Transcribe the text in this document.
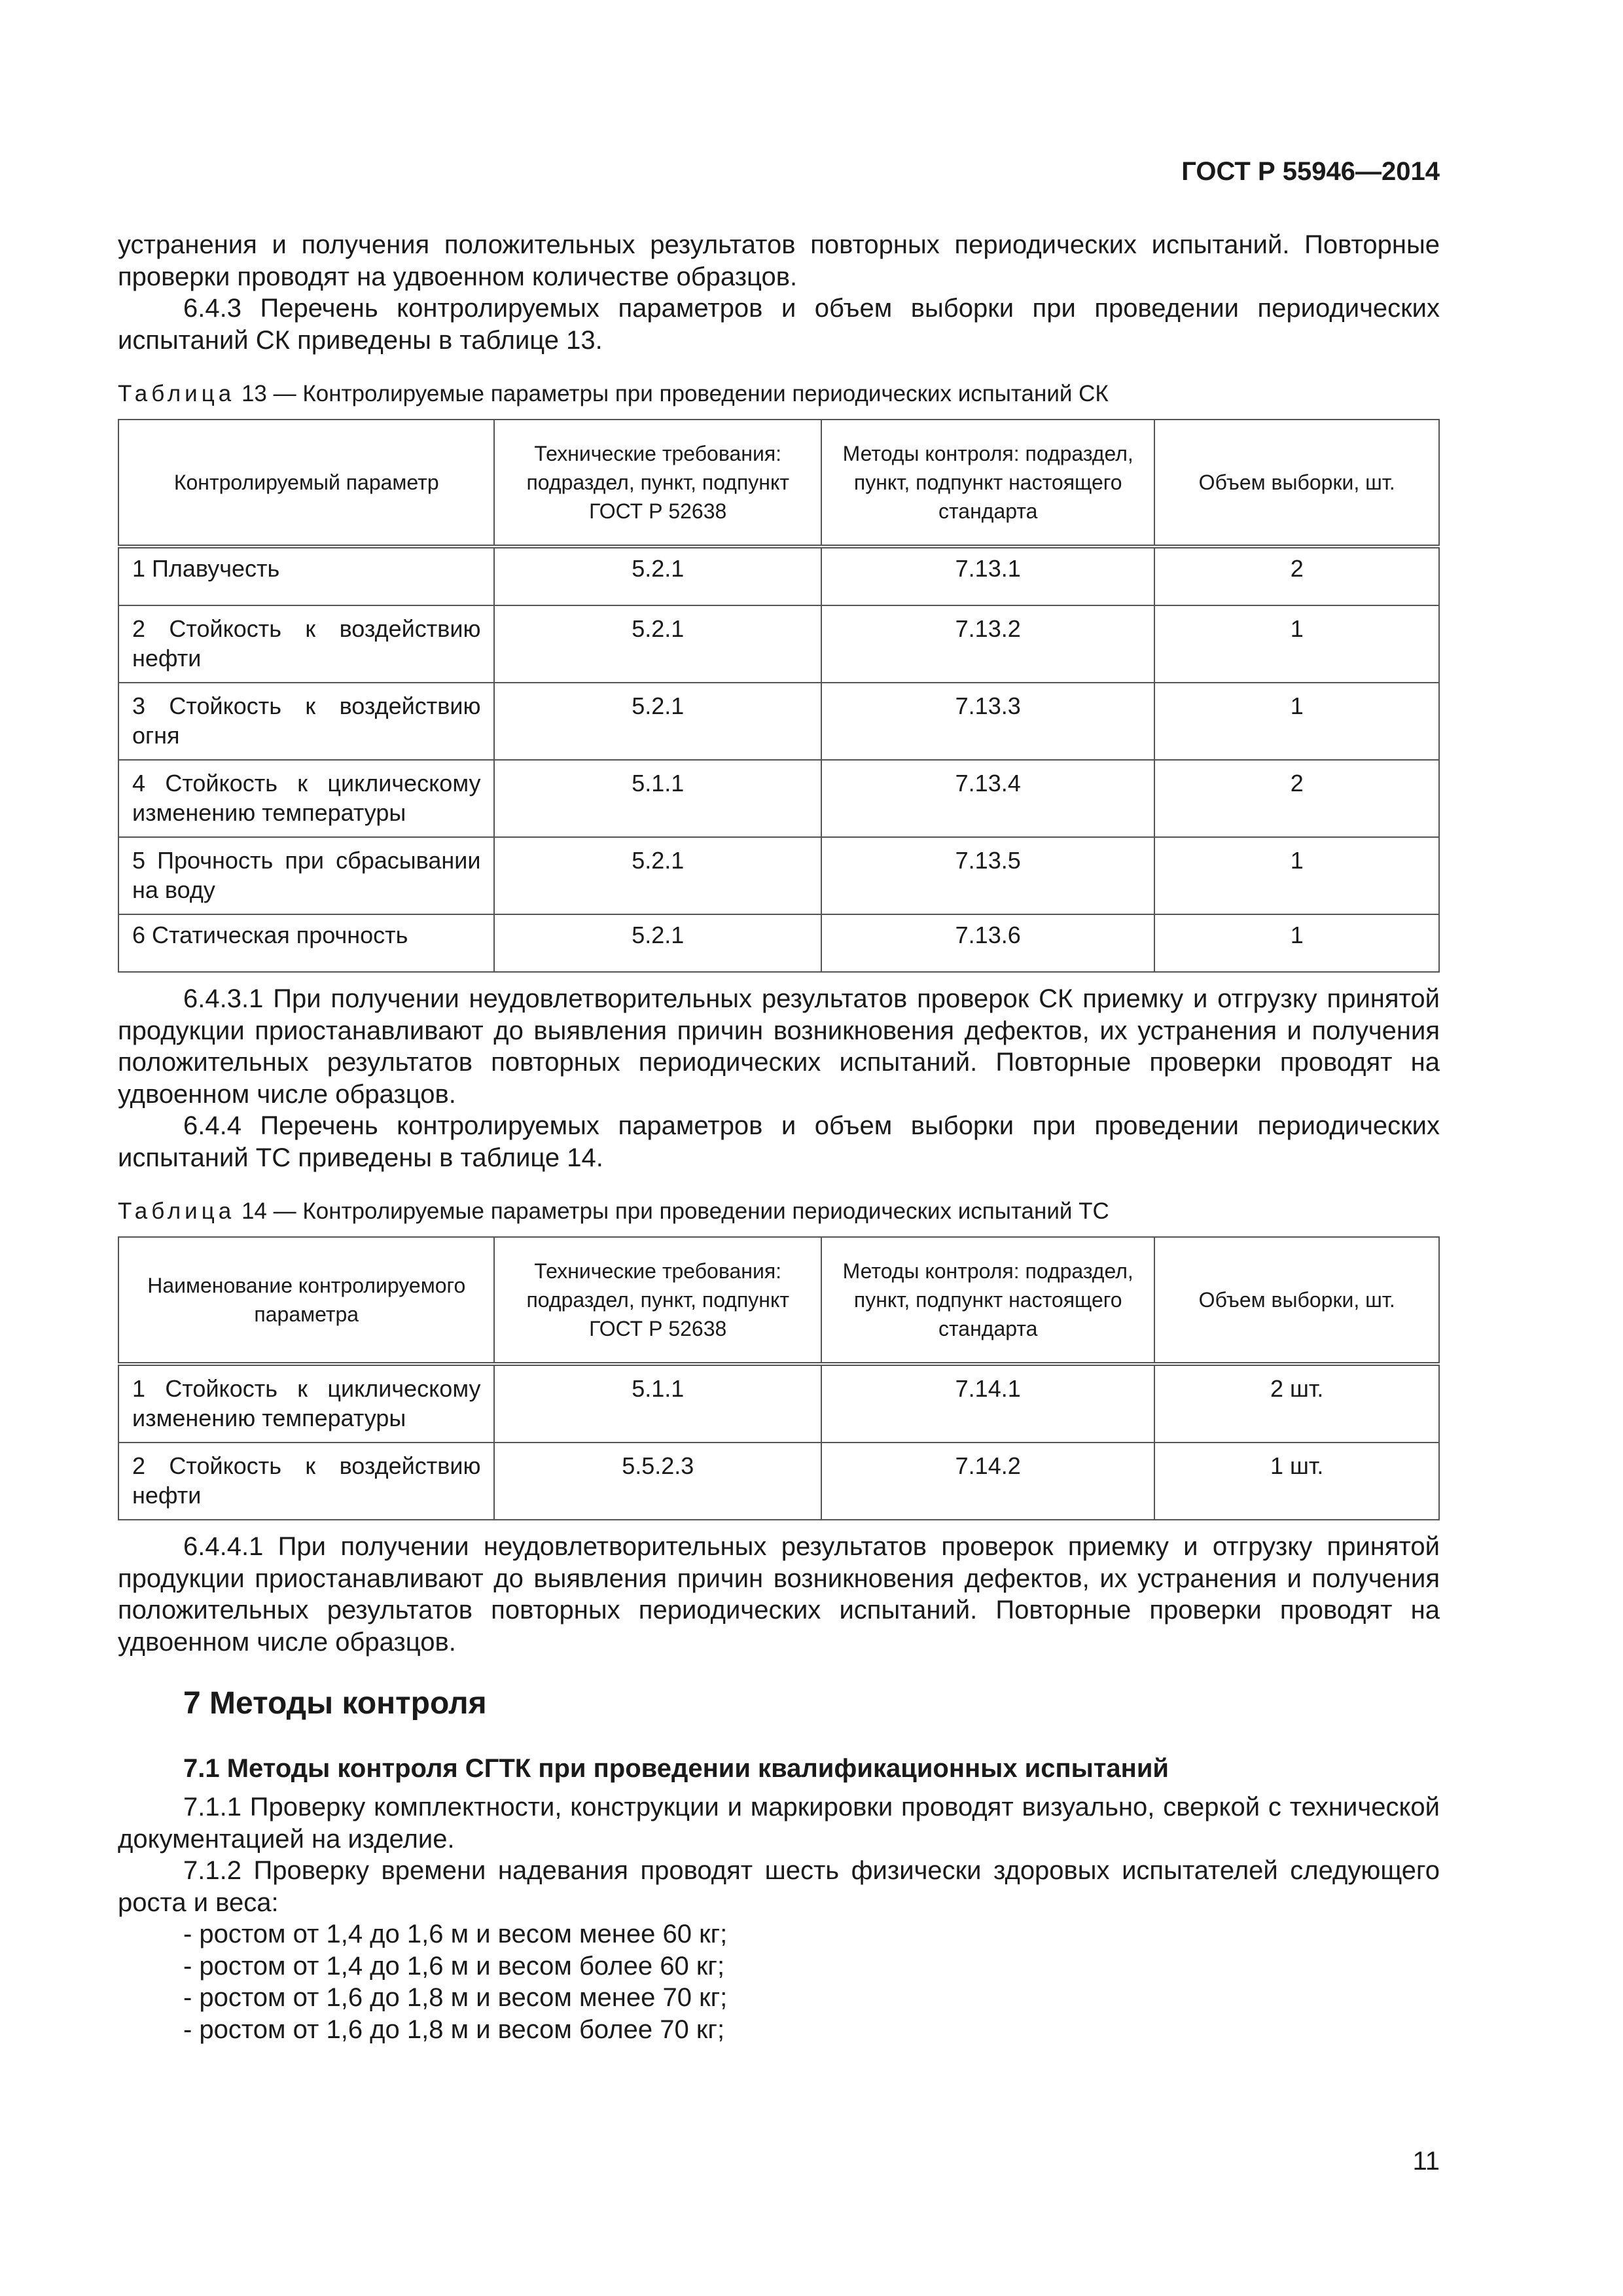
ГОСТ Р 55946—2014

устранения и получения положительных результатов повторных периодических испытаний. Повторные проверки проводят на удвоенном количестве образцов.

6.4.3 Перечень контролируемых параметров и объем выборки при проведении периодических испытаний СК приведены в таблице 13.

Таблица 13 — Контролируемые параметры при проведении периодических испытаний СК

Контролируемый параметр	Технические требования: подраздел, пункт, подпункт ГОСТ Р 52638	Методы контроля: подраздел, пункт, подпункт настоящего стандарта	Объем выборки, шт.
1 Плавучесть	5.2.1	7.13.1	2
2 Стойкость к воздействию нефти	5.2.1	7.13.2	1
3 Стойкость к воздействию огня	5.2.1	7.13.3	1
4 Стойкость к циклическому изменению температуры	5.1.1	7.13.4	2
5 Прочность при сбрасывании на воду	5.2.1	7.13.5	1
6 Статическая прочность	5.2.1	7.13.6	1

6.4.3.1 При получении неудовлетворительных результатов проверок СК приемку и отгрузку принятой продукции приостанавливают до выявления причин возникновения дефектов, их устранения и получения положительных результатов повторных периодических испытаний. Повторные проверки проводят на удвоенном числе образцов.

6.4.4 Перечень контролируемых параметров и объем выборки при проведении периодических испытаний ТС приведены в таблице 14.

Таблица 14 — Контролируемые параметры при проведении периодических испытаний ТС

Наименование контролируемого параметра	Технические требования: подраздел, пункт, подпункт ГОСТ Р 52638	Методы контроля: подраздел, пункт, подпункт настоящего стандарта	Объем выборки, шт.
1 Стойкость к циклическому изменению температуры	5.1.1	7.14.1	2 шт.
2 Стойкость к воздействию нефти	5.5.2.3	7.14.2	1 шт.

6.4.4.1 При получении неудовлетворительных результатов проверок приемку и отгрузку принятой продукции приостанавливают до выявления причин возникновения дефектов, их устранения и получения положительных результатов повторных периодических испытаний. Повторные проверки проводят на удвоенном числе образцов.

7 Методы контроля
7.1 Методы контроля СГТК при проведении квалификационных испытаний

7.1.1 Проверку комплектности, конструкции и маркировки проводят визуально, сверкой с технической документацией на изделие.

7.1.2 Проверку времени надевания проводят шесть физически здоровых испытателей следующего роста и веса:

- ростом от 1,4 до 1,6 м и весом менее 60 кг;

- ростом от 1,4 до 1,6 м и весом более 60 кг;

- ростом от 1,6 до 1,8 м и весом менее 70 кг;

- ростом от 1,6 до 1,8 м и весом более 70 кг;

11
